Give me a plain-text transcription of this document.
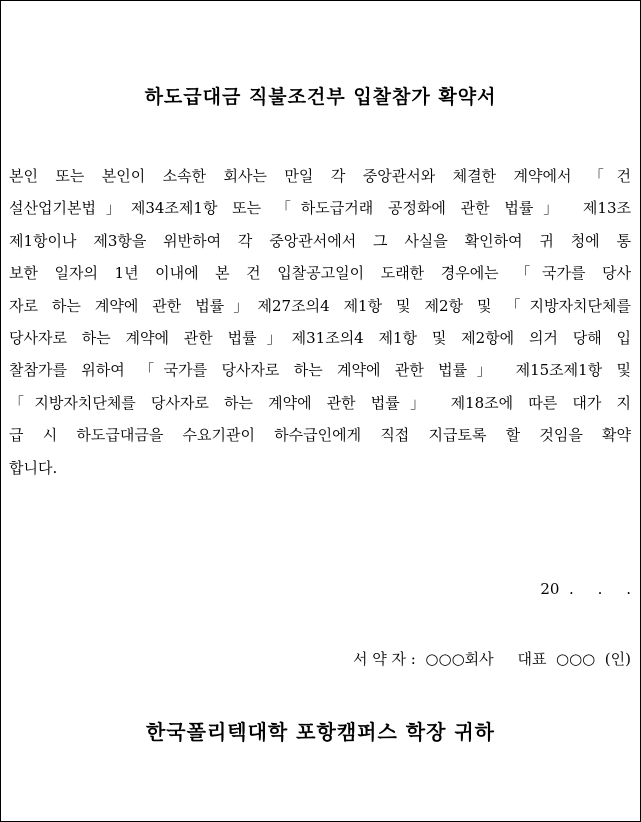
하도급대금 직불조건부 입찰참가 확약서
본인 또는 본인이 소속한 회사는 만일 각 중앙관서와 체결한 계약에서 「건
설산업기본법」제34조제1항 또는 「하도급거래 공정화에 관한 법률」 제13조
제1항이나 제3항을 위반하여 각 중앙관서에서 그 사실을 확인하여 귀 청에 통
보한 일자의 1년 이내에 본 건 입찰공고일이 도래한 경우에는 「국가를 당사
자로 하는 계약에 관한 법률」제27조의4 제1항 및 제2항 및 「지방자치단체를
당사자로 하는 계약에 관한 법률」제31조의4 제1항 및 제2항에 의거 당해 입
찰참가를 위하여 「국가를 당사자로 하는 계약에 관한 법률」 제15조제1항 및
「지방자치단체를 당사자로 하는 계약에 관한 법률」 제18조에 따른 대가 지
급 시 하도급대금을 수요기관이 하수급인에게 직접 지급토록 할 것임을 확약
합니다.
20  .     .     .
서 약 자 :  ○○○회사     대표  ○○○  (인)
한국폴리텍대학 포항캠퍼스 학장 귀하
